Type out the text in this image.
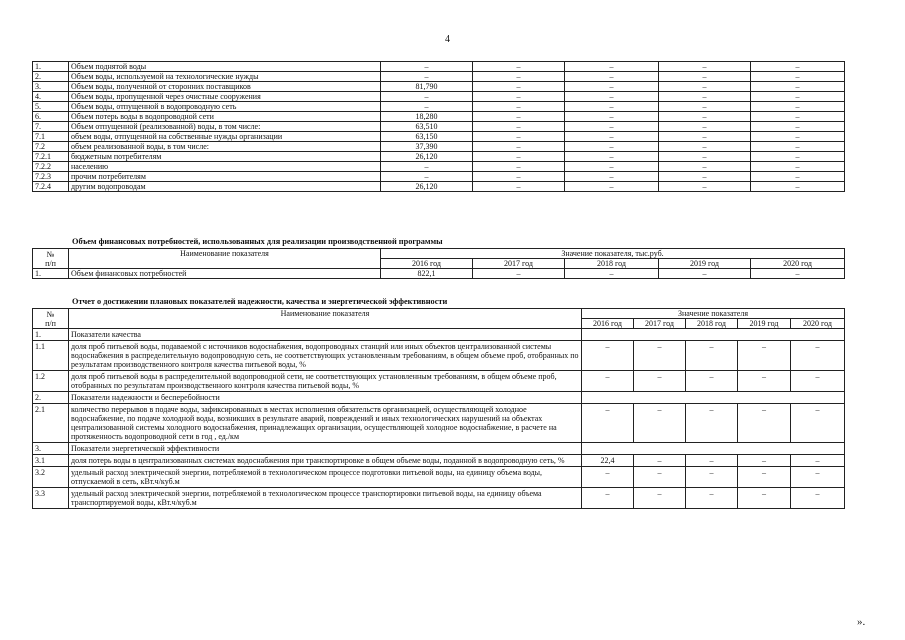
4
1.	Объем поднятой воды	–	–	–	–	–
2.	Объем воды, используемой на технологические нужды	–	–	–	–	–
3.	Объем воды, полученной от сторонних поставщиков	81,790	–	–	–	–
4.	Объем воды, пропущенной через очистные сооружения	–	–	–	–	–
5.	Объем воды, отпущенной в водопроводную сеть	–	–	–	–	–
6.	Объем потерь воды в водопроводной сети	18,280	–	–	–	–
7.	Объем отпущенной (реализованной) воды, в том числе:	63,510	–	–	–	–
7.1	объем воды, отпущенной на собственные нужды организации	63,150	–	–	–	–
7.2	объем реализованной воды, в том числе:	37,390	–	–	–	–
7.2.1	бюджетным потребителям	26,120	–	–	–	–
7.2.2	населению	–	–	–	–	–
7.2.3	прочим потребителям	–	–	–	–	–
7.2.4	другим водопроводам	26,120	–	–	–	–
Объем финансовых потребностей, использованных для реализации производственной программы
№
п/п	Наименование показателя	Значение показателя, тыс.руб.				
		2016 год	2017 год	2018 год	2019 год	2020 год
1.	Объем финансовых потребностей	822,1	–	–	–	–
Отчет о достижении плановых показателей надежности, качества и энергетической эффективности
№
п/п	Наименование показателя	Значение показателя				
		2016 год	2017 год	2018 год	2019 год	2020 год
1.	Показатели качества					
1.1	доля проб питьевой воды, подаваемой с источников водоснабжения, водопроводных станций или иных объектов централизованной системы водоснабжения в распределительную водопроводную сеть, не соответствующих установленным требованиям, в общем объеме проб, отобранных по результатам производственного контроля качества питьевой воды, %	–	–	–	–	–
1.2	доля проб питьевой воды в распределительной водопроводной сети, не соответствующих установленным требованиям, в общем объеме проб, отобранных по результатам производственного контроля качества питьевой воды, %	–	–	–	–	–
2.	Показатели надежности и бесперебойности					
2.1	количество перерывов в подаче воды, зафиксированных в местах исполнения обязательств организацией, осуществляющей холодное водоснабжение, по подаче холодной воды, возникших в результате аварий, повреждений и иных технологических нарушений на объектах централизованной системы холодного водоснабжения, принадлежащих организации, осуществляющей холодное водоснабжение, в расчете на протяженность водопроводной сети в год , ед./км	–	–	–	–	–
3.	Показатели энергетической эффективности					
3.1	доля потерь воды в централизованных системах водоснабжения при транспортировке в общем объеме воды, поданной в водопроводную сеть, %	22,4	–	–	–	–
3.2	удельный расход электрической энергии, потребляемой в технологическом процессе подготовки питьевой воды, на единицу объема воды, отпускаемой в сеть, кВт.ч/куб.м	–	–	–	–	–
3.3	удельный расход электрической энергии, потребляемой в технологическом процессе транспортировки питьевой воды, на единицу объема транспортируемой воды, кВт.ч/куб.м	–	–	–	–	–
».
